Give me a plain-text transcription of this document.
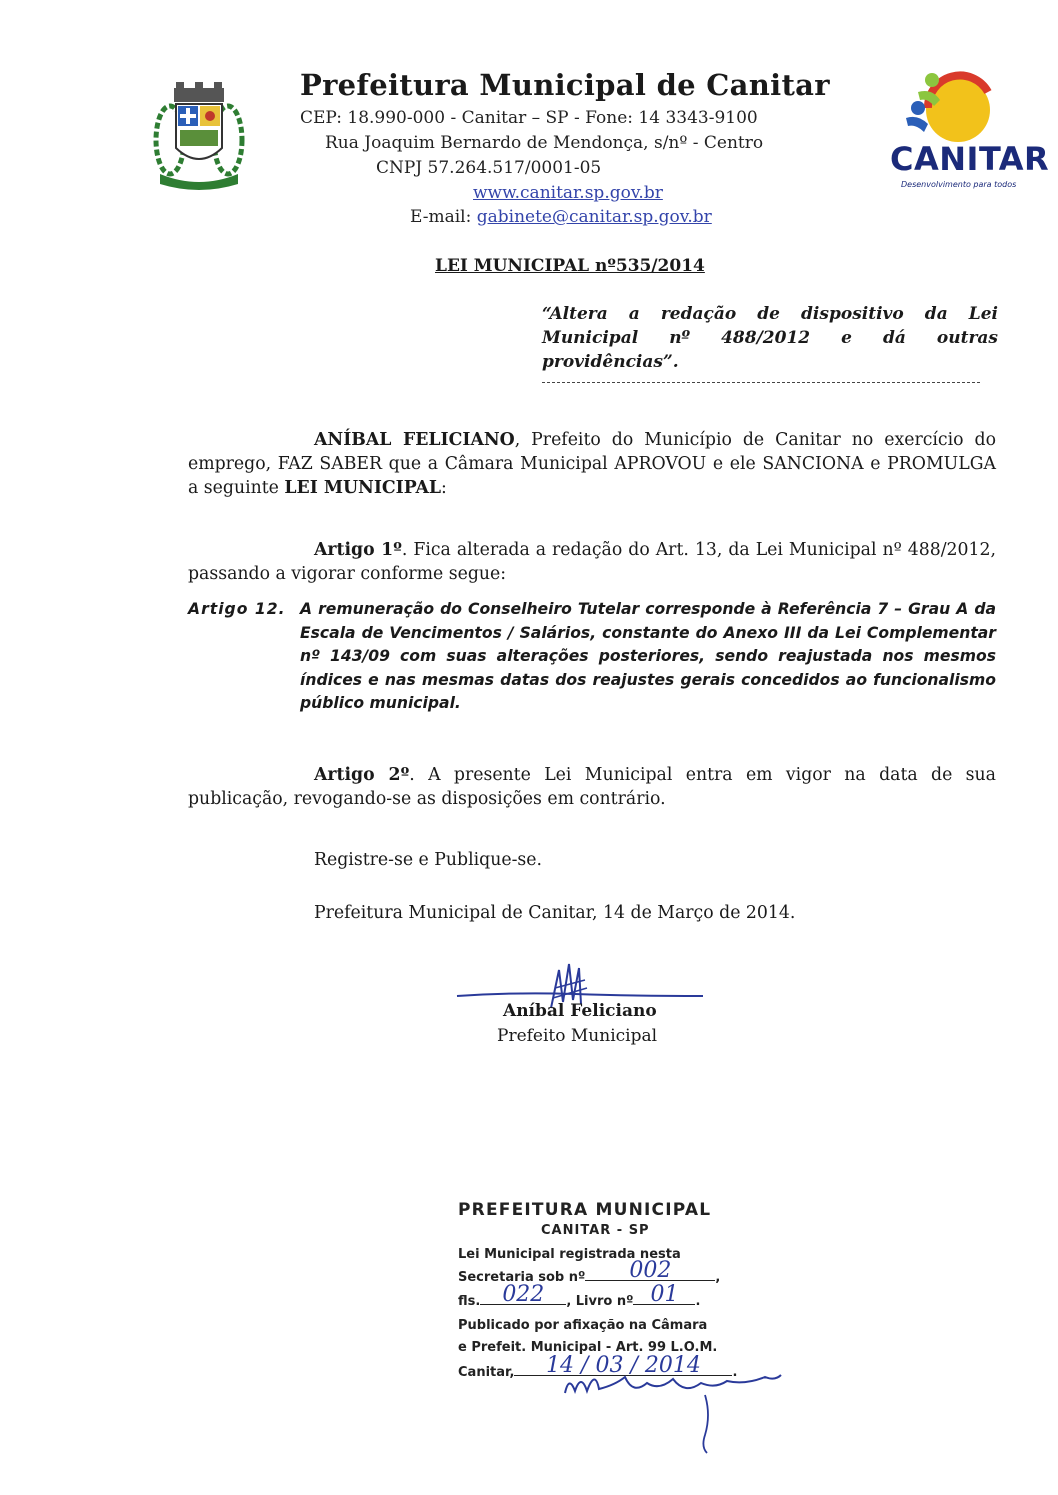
Prefeitura Municipal de Canitar
CEP: 18.990-000 - Canitar – SP - Fone: 14 3343-9100
Rua Joaquim Bernardo de Mendonça, s/nº - Centro
CNPJ 57.264.517/0001-05
www.canitar.sp.gov.br
E-mail: gabinete@canitar.sp.gov.br
CANITAR
Desenvolvimento para todos
LEI MUNICIPAL nº535/2014
“Altera a redação de dispositivo da Lei Municipal nº 488/2012 e dá outras providências”.
ANÍBAL FELICIANO, Prefeito do Município de Canitar no exercício do emprego, FAZ SABER que a Câmara Municipal APROVOU e ele SANCIONA e PROMULGA a seguinte LEI MUNICIPAL:
Artigo 1º. Fica alterada a redação do Art. 13, da Lei Municipal nº 488/2012, passando a vigorar conforme segue:
Artigo 12. A remuneração do Conselheiro Tutelar corresponde à Referência 7 – Grau A da Escala de Vencimentos / Salários, constante do Anexo III da Lei Complementar nº 143/09 com suas alterações posteriores, sendo reajustada nos mesmos índices e nas mesmas datas dos reajustes gerais concedidos ao funcionalismo público municipal.
Artigo 2º. A presente Lei Municipal entra em vigor na data de sua publicação, revogando-se as disposições em contrário.
Registre-se e Publique-se.
Prefeitura Municipal de Canitar, 14 de Março de 2014.
Aníbal Feliciano
Prefeito Municipal
PREFEITURA MUNICIPAL
CANITAR - SP
Lei Municipal registrada nesta
Secretaria sob nº	002	,
fls.	022	, Livro nº 01	.
Publicado por afixação na Câmara
e Prefeit. Municipal - Art. 99 L.O.M.
Canitar,	14 / 03 / 2014	.
